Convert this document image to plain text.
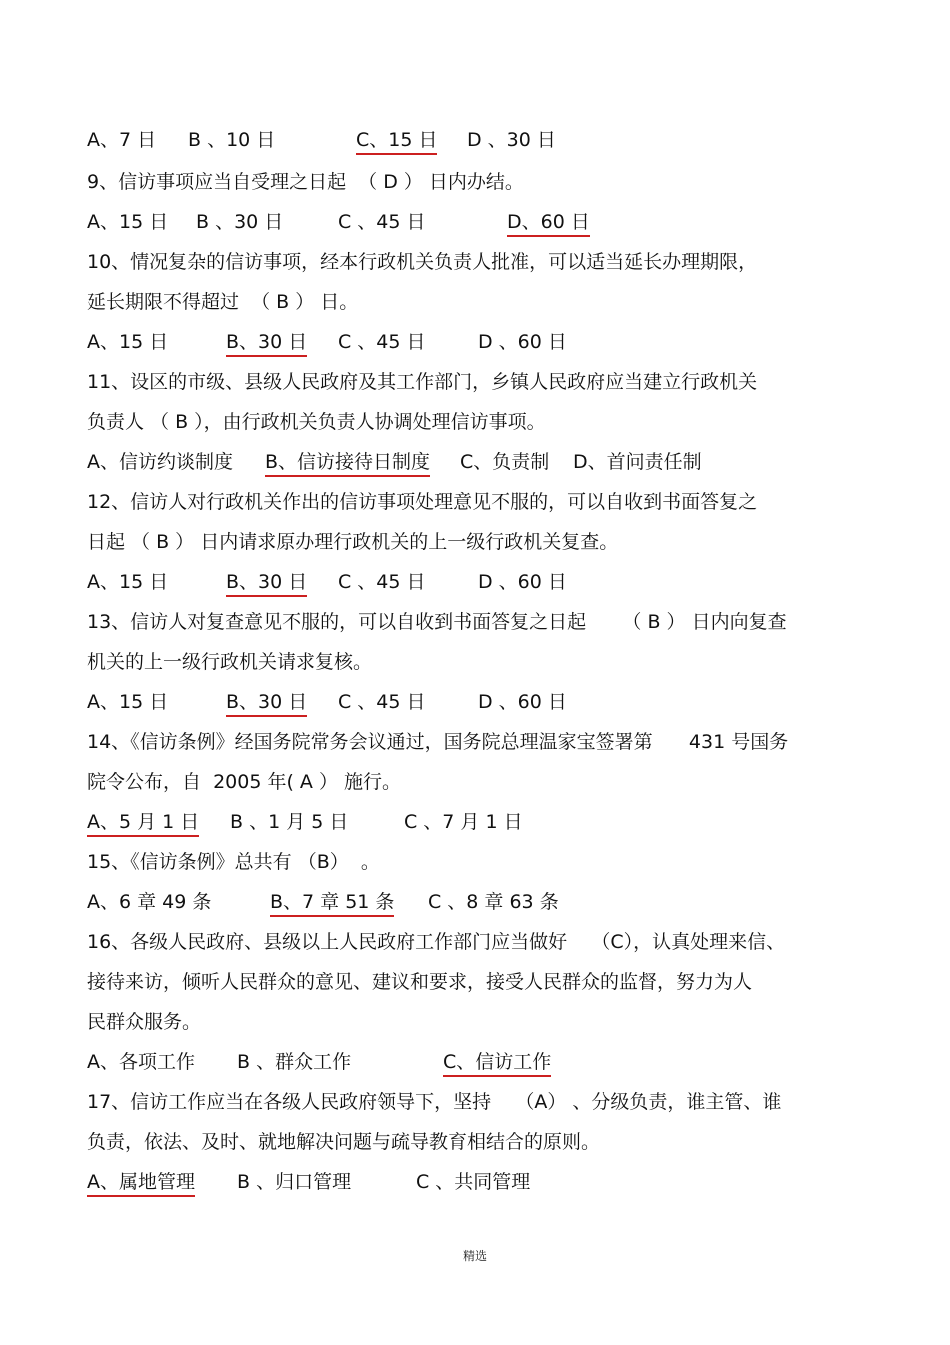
A、7 日 B 、10 日	C、15 日 D 、30 日
9、信访事项应当自受理之日起  （ D ） 日内办结。
A、15 日 B 、30 日	C 、45 日	D、60 日
10、情况复杂的信访事项，经本行政机关负责人批准，可以适当延长办理期限，
延长期限不得超过  （ B ） 日。
A、15 日	B、30 日 C 、45 日	D 、60 日
11、设区的市级、县级人民政府及其工作部门，乡镇人民政府应当建立行政机关
负责人 （ B ），由行政机关负责人协调处理信访事项。
A、信访约谈制度 B、信访接待日制度 C、负责制 D、首问责任制
12、信访人对行政机关作出的信访事项处理意见不服的，可以自收到书面答复之
日起 （ B ） 日内请求原办理行政机关的上一级行政机关复查。
A、15 日	B、30 日 C 、45 日	D 、60 日
13、信访人对复查意见不服的，可以自收到书面答复之日起      （ B ） 日内向复查
机关的上一级行政机关请求复核。
A、15 日	B、30 日 C 、45 日	D 、60 日
14、《信访条例》经国务院常务会议通过，国务院总理温家宝签署第      431 号国务
院令公布，自  2005 年( A ） 施行。
A、5 月 1 日 B 、1 月 5 日	C 、7 月 1 日
15、《信访条例》总共有 （B）  。
A、6 章 49 条	B、7 章 51 条 C 、8 章 63 条
16、各级人民政府、县级以上人民政府工作部门应当做好    （C），认真处理来信、
接待来访，倾听人民群众的意见、建议和要求，接受人民群众的监督，努力为人
民群众服务。
A、各项工作 B 、群众工作	C、信访工作
17、信访工作应当在各级人民政府领导下，坚持    （A） 、分级负责，谁主管、谁
负责，依法、及时、就地解决问题与疏导教育相结合的原则。
A、属地管理 B 、归口管理	C 、共同管理
精选
